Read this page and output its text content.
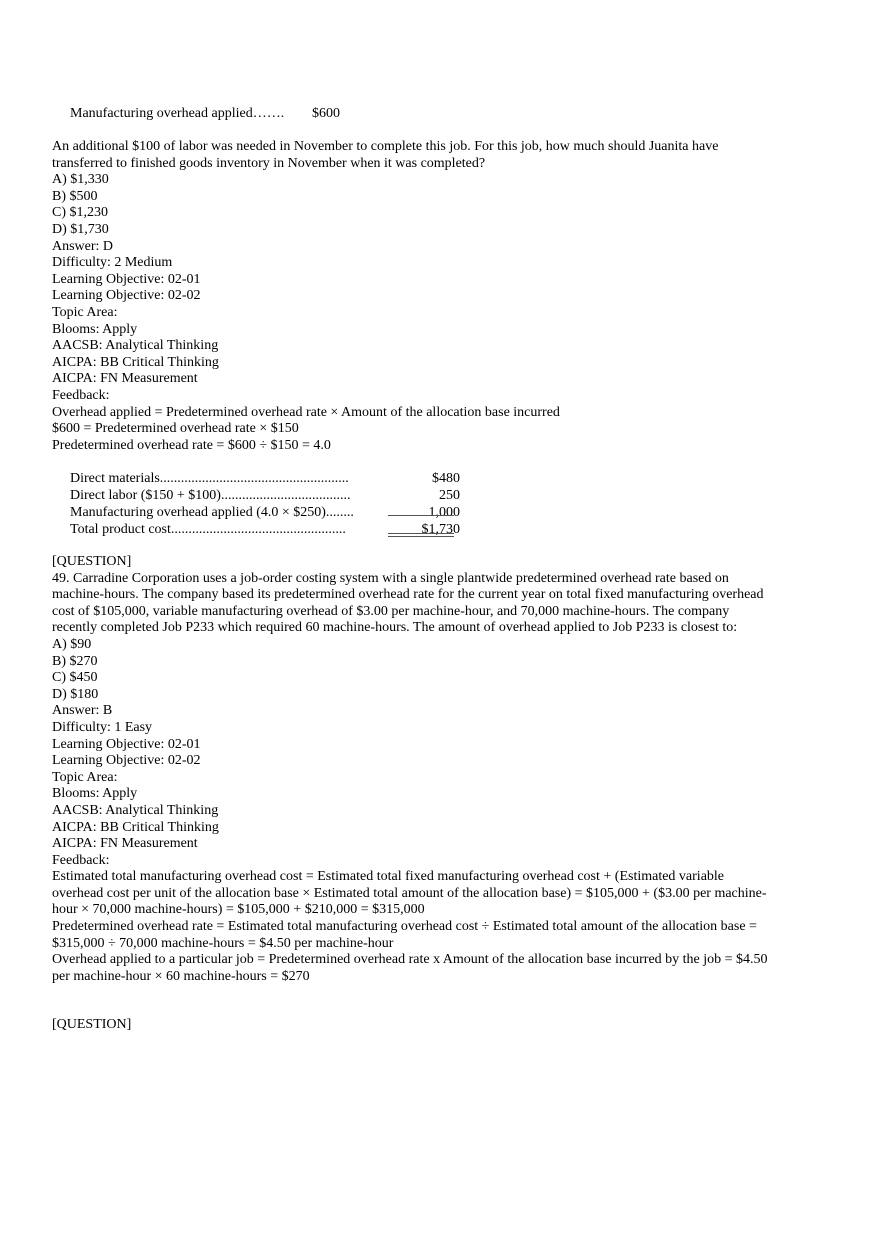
Manufacturing overhead applied……. $600
An additional $100 of labor was needed in November to complete this job. For this job, how much should Juanita have transferred to finished goods inventory in November when it was completed?
A) $1,330
B) $500
C) $1,230
D) $1,730
Answer: D
Difficulty: 2 Medium
Learning Objective: 02-01
Learning Objective: 02-02
Topic Area:
Blooms: Apply
AACSB: Analytical Thinking
AICPA: BB Critical Thinking
AICPA: FN Measurement
Feedback:
Overhead applied = Predetermined overhead rate × Amount of the allocation base incurred
$600 = Predetermined overhead rate × $150
Predetermined overhead rate = $600 ÷ $150 = 4.0
Direct materials......................................................	$480
Direct labor ($150 + $100).....................................	250
Manufacturing overhead applied (4.0 × $250)........	1,000
Total product cost..................................................	$1,730
[QUESTION]
49. Carradine Corporation uses a job-order costing system with a single plantwide predetermined overhead rate based on machine-hours. The company based its predetermined overhead rate for the current year on total fixed manufacturing overhead cost of $105,000, variable manufacturing overhead of $3.00 per machine-hour, and 70,000 machine-hours. The company recently completed Job P233 which required 60 machine-hours. The amount of overhead applied to Job P233 is closest to:
A) $90
B) $270
C) $450
D) $180
Answer: B
Difficulty: 1 Easy
Learning Objective: 02-01
Learning Objective: 02-02
Topic Area:
Blooms: Apply
AACSB: Analytical Thinking
AICPA: BB Critical Thinking
AICPA: FN Measurement
Feedback:
Estimated total manufacturing overhead cost = Estimated total fixed manufacturing overhead cost + (Estimated variable overhead cost per unit of the allocation base × Estimated total amount of the allocation base) = $105,000 + ($3.00 per machine-hour × 70,000 machine-hours) = $105,000 + $210,000 = $315,000
Predetermined overhead rate = Estimated total manufacturing overhead cost ÷ Estimated total amount of the allocation base = $315,000 ÷ 70,000 machine-hours = $4.50 per machine-hour
Overhead applied to a particular job = Predetermined overhead rate x Amount of the allocation base incurred by the job = $4.50 per machine-hour × 60 machine-hours = $270
[QUESTION]
